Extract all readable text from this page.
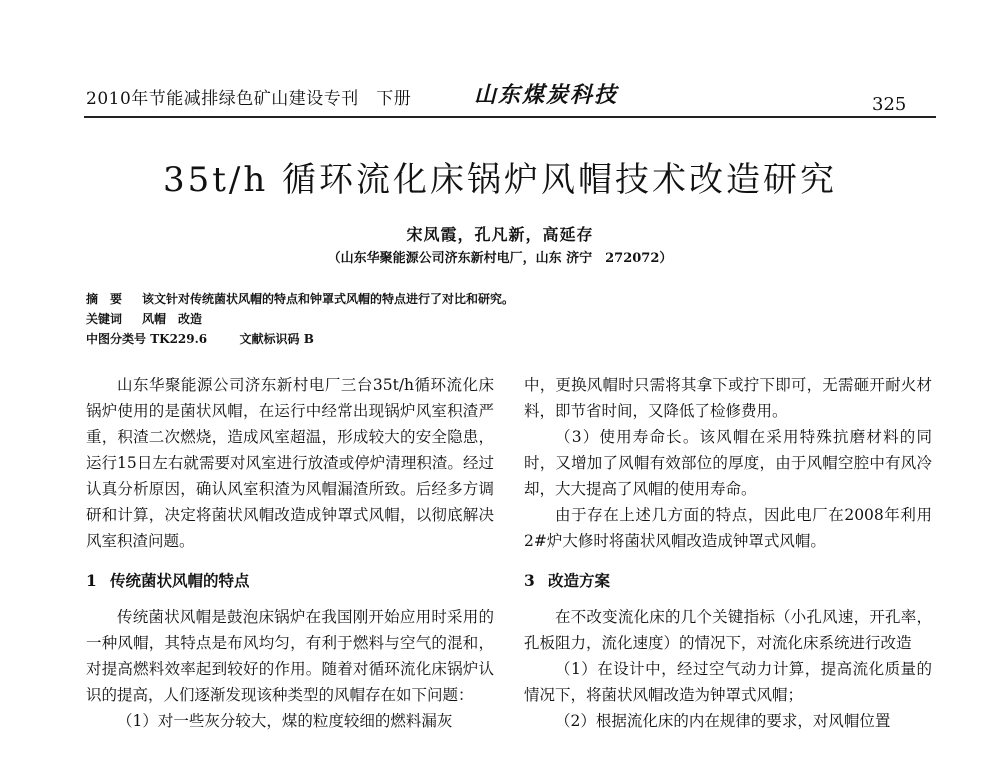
2010年节能减排绿色矿山建设专刊　下册	山东煤炭科技	325
35t/h 循环流化床锅炉风帽技术改造研究
宋凤霞，孔凡新，高延存
（山东华聚能源公司济东新村电厂，山东 济宁　272072）
摘　要 该文针对传统菌状风帽的特点和钟罩式风帽的特点进行了对比和研究。
关键词 风帽　改造
中图分类号 TK229.6	文献标识码 B

山东华聚能源公司济东新村电厂三台35t/h循环流化床锅炉使用的是菌状风帽，在运行中经常出现锅炉风室积渣严重，积渣二次燃烧，造成风室超温，形成较大的安全隐患，运行15日左右就需要对风室进行放渣或停炉清理积渣。经过认真分析原因，确认风室积渣为风帽漏渣所致。后经多方调研和计算，决定将菌状风帽改造成钟罩式风帽，以彻底解决风室积渣问题。

1 传统菌状风帽的特点

传统菌状风帽是鼓泡床锅炉在我国刚开始应用时采用的一种风帽，其特点是布风均匀，有利于燃料与空气的混和，对提高燃料效率起到较好的作用。随着对循环流化床锅炉认识的提高，人们逐渐发现该种类型的风帽存在如下问题：

（1）对一些灰分较大，煤的粒度较细的燃料漏灰

中，更换风帽时只需将其拿下或拧下即可，无需砸开耐火材料，即节省时间，又降低了检修费用。

（3）使用寿命长。该风帽在采用特殊抗磨材料的同时，又增加了风帽有效部位的厚度，由于风帽空腔中有风冷却，大大提高了风帽的使用寿命。

由于存在上述几方面的特点，因此电厂在2008年利用2#炉大修时将菌状风帽改造成钟罩式风帽。

3 改造方案

在不改变流化床的几个关键指标（小孔风速，开孔率，孔板阻力，流化速度）的情况下，对流化床系统进行改造

（1）在设计中，经过空气动力计算，提高流化质量的情况下，将菌状风帽改造为钟罩式风帽；

（2）根据流化床的内在规律的要求，对风帽位置
